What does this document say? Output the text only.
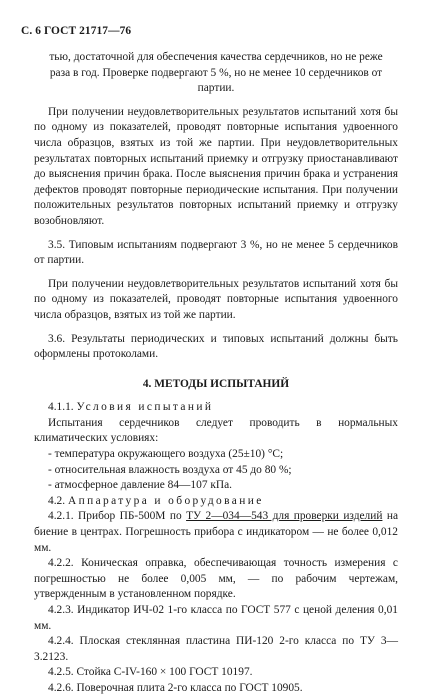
С. 6 ГОСТ 21717—76

тью, достаточной для обеспечения качества сердечников, но не реже

раза в год. Проверке подвергают 5 %, но не менее 10 сердечников от

партии.

При получении неудовлетворительных результатов испытаний хотя бы по одному из показателей, проводят повторные испытания удвоенного числа образцов, взятых из той же партии. При неудовлетворительных результатах повторных испытаний приемку и отгрузку приостанавливают до выяснения причин брака. После выяснения причин брака и устранения дефектов проводят повторные периодические испытания. При получении положительных результатов повторных испытаний приемку и отгрузку возобновляют.

3.5. Типовым испытаниям подвергают 3 %, но не менее 5 сердечников от партии.

При получении неудовлетворительных результатов испытаний хотя бы по одному из показателей, проводят повторные испытания удвоенного числа образцов, взятых из той же партии.

3.6. Результаты периодических и типовых испытаний должны быть оформлены протоколами.

4. МЕТОДЫ ИСПЫТАНИЙ

4.1.1. Условия испытаний

Испытания сердечников следует проводить в нормальных климатических условиях:

- температура окружающего воздуха (25±10) °С;
- относительная влажность воздуха от 45 до 80 %;
- атмосферное давление 84—107 кПа.

4.2. Аппаратура и оборудование

4.2.1. Прибор ПБ-500М по ТУ 2—034—543 для проверки изделий на биение в центрах. Погрешность прибора с индикатором — не более 0,012 мм.

4.2.2. Коническая оправка, обеспечивающая точность измерения с погрешностью не более 0,005 мм, — по рабочим чертежам, утвержденным в установленном порядке.

4.2.3. Индикатор ИЧ-02 1-го класса по ГОСТ 577 с ценой деления 0,01 мм.

4.2.4. Плоская стеклянная пластина ПИ-120 2-го класса по ТУ 3—3.2123.

4.2.5. Стойка С-IV-160 × 100 ГОСТ 10197.

4.2.6. Поверочная плита 2-го класса по ГОСТ 10905.
